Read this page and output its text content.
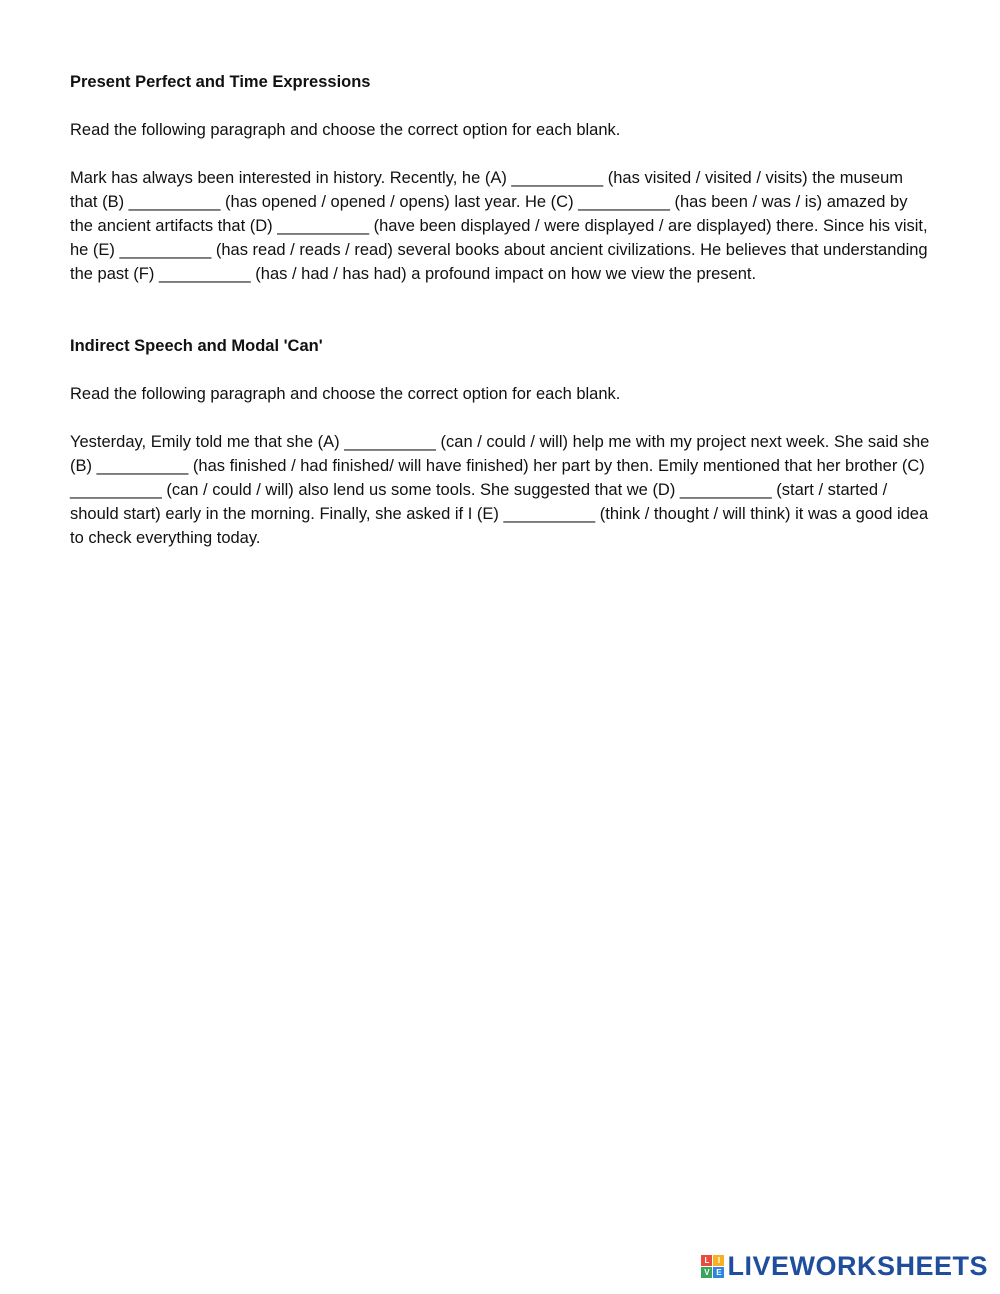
Present Perfect and Time Expressions

Read the following paragraph and choose the correct option for each blank.

Mark has always been interested in history. Recently, he (A) __________ (has visited / visited / visits) the museum that (B) __________ (has opened / opened / opens) last year. He (C) __________ (has been / was / is) amazed by the ancient artifacts that (D) __________ (have been displayed / were displayed / are displayed) there. Since his visit, he (E) __________ (has read / reads / read) several books about ancient civilizations. He believes that understanding the past (F) __________ (has / had / has had) a profound impact on how we view the present.

Indirect Speech and Modal 'Can'

Read the following paragraph and choose the correct option for each blank.

Yesterday, Emily told me that she (A) __________ (can / could / will) help me with my project next week. She said she (B) __________ (has finished / had finished/ will have finished) her part by then. Emily mentioned that her brother (C) __________ (can / could / will) also lend us some tools. She suggested that we (D) __________ (start / started / should start) early in the morning. Finally, she asked if I (E) __________ (think / thought / will think) it was a good idea to check everything today.

L	I
V E LIVEWORKSHEETS
